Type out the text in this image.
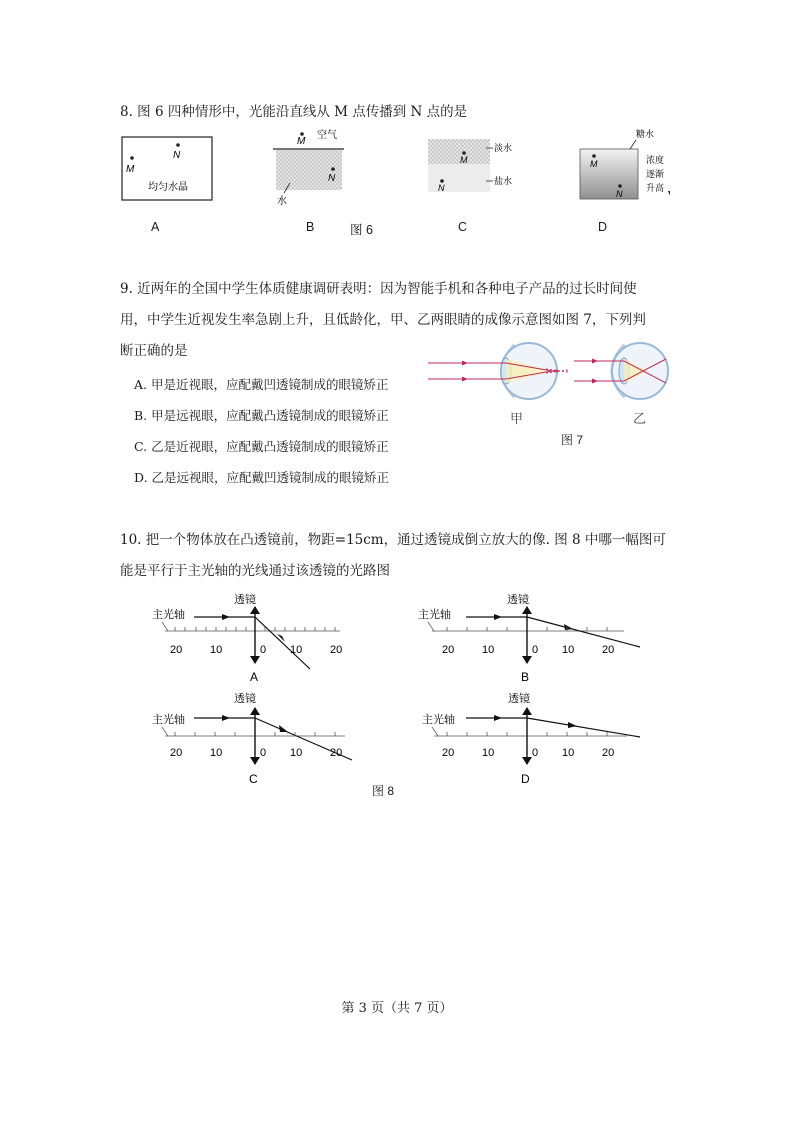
8. 图 6 四种情形中，光能沿直线从 M 点传播到 N 点的是
M
N
均匀水晶
M
空气
N
水
M
N
淡水
盐水
M
N
糖水
浓度
逐渐
升高
A	B	图 6	C	D
9. 近两年的全国中学生体质健康调研表明：因为智能手机和各种电子产品的过长时间使
用，中学生近视发生率急剧上升，且低龄化，甲、乙两眼睛的成像示意图如图 7，下列判
断正确的是
A. 甲是近视眼，应配戴凹透镜制成的眼镜矫正
B. 甲是远视眼，应配戴凸透镜制成的眼镜矫正
C. 乙是近视眼，应配戴凸透镜制成的眼镜矫正
D. 乙是远视眼，应配戴凹透镜制成的眼镜矫正
甲	乙
图 7
10. 把一个物体放在凸透镜前，物距=15cm，通过透镜成倒立放大的像. 图 8 中哪一幅图可
能是平行于主光轴的光线通过该透镜的光路图
主光轴
透镜
20	10	0 10	20
A
主光轴
透镜
20	10	0 10	20
B
主光轴
透镜
20	10	0 10	20
C
主光轴
透镜
20	10	0 10	20
D
图 8
第 3 页（共 7 页）
